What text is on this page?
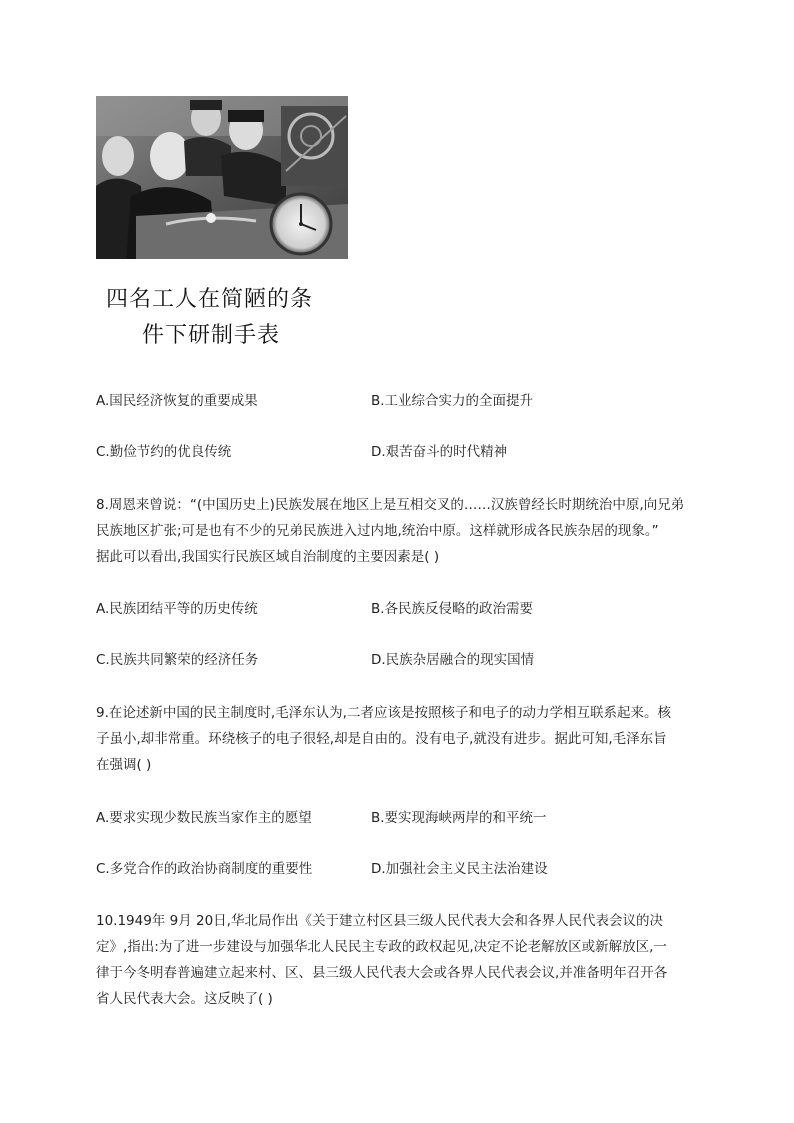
四名工人在简陋的条
件下研制手表
A.国民经济恢复的重要成果	B.工业综合实力的全面提升
C.勤俭节约的优良传统	D.艰苦奋斗的时代精神
8.周恩来曾说：“(中国历史上)民族发展在地区上是互相交叉的……汉族曾经长时期统治中原,向兄弟
民族地区扩张;可是也有不少的兄弟民族进入过内地,统治中原。这样就形成各民族杂居的现象。”
据此可以看出,我国实行民族区域自治制度的主要因素是( )
A.民族团结平等的历史传统	B.各民族反侵略的政治需要
C.民族共同繁荣的经济任务	D.民族杂居融合的现实国情
9.在论述新中国的民主制度时,毛泽东认为,二者应该是按照核子和电子的动力学相互联系起来。核
子虽小,却非常重。环绕核子的电子很轻,却是自由的。没有电子,就没有进步。据此可知,毛泽东旨
在强调( )
A.要求实现少数民族当家作主的愿望	B.要实现海峡两岸的和平统一
C.多党合作的政治协商制度的重要性	D.加强社会主义民主法治建设
10.1949年 9月 20日,华北局作出《关于建立村区县三级人民代表大会和各界人民代表会议的决
定》,指出:为了进一步建设与加强华北人民民主专政的政权起见,决定不论老解放区或新解放区,一
律于今冬明春普遍建立起来村、区、县三级人民代表大会或各界人民代表会议,并准备明年召开各
省人民代表大会。这反映了( )
